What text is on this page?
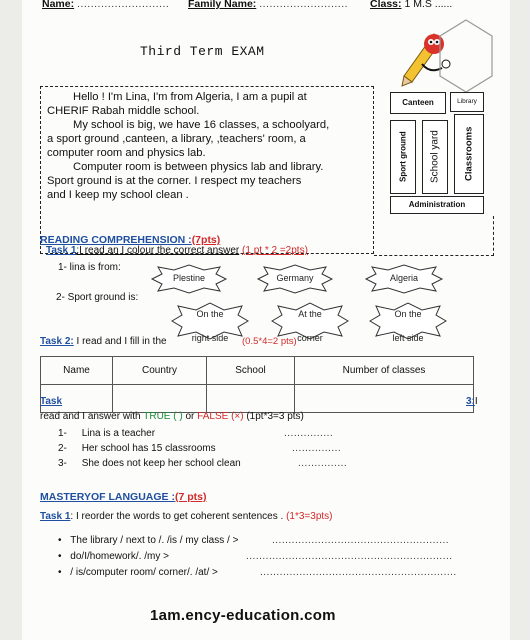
Name: ........................... Family Name: .......................... Class: 1 M.S ......
Third Term EXAM

Hello ! I'm Lina, I'm from Algeria, I am a pupil at

CHERIF Rabah middle school.

My school is big, we have 16 classes, a schoolyard,

a sport ground ,canteen, a library, ,teachers' room, a

computer room and physics lab.

Computer room is between physics lab and library.

Sport ground is at the corner. I respect my teachers

and I keep my school clean .

Canteen	Library
Sport ground	School yard	Classrooms
Administration
READING COMPREHENSION :(7pts)
Task 1:I read an I colour the correct answer (1 pt * 2 =2pts)
1- lina is from:
2- Sport ground is:
Plestine	Germany	Algeria
On the

right side
At the

corner
On the

left side
Task 2: I read and I fill in the	(0.5*4=2 pts)
Name	Country	School	Number of classes

Task	3:I
read and I answer with TRUE ( ) or FALSE (×) (1pt*3=3 pts)
1- Lina is a teacher	...............
2- Her school has 15 classrooms	...............
3- She does not keep her school clean	...............
MASTERYOF LANGUAGE :(7 pts)
Task 1: I reorder the words to get coherent sentences . (1*3=3pts)
• The library / next to /. /is / my class / >	......................................................
• do/I/homework/. /my >	...............................................................
• / is/computer room/ corner/. /at/ >	............................................................
1am.ency-education.com
